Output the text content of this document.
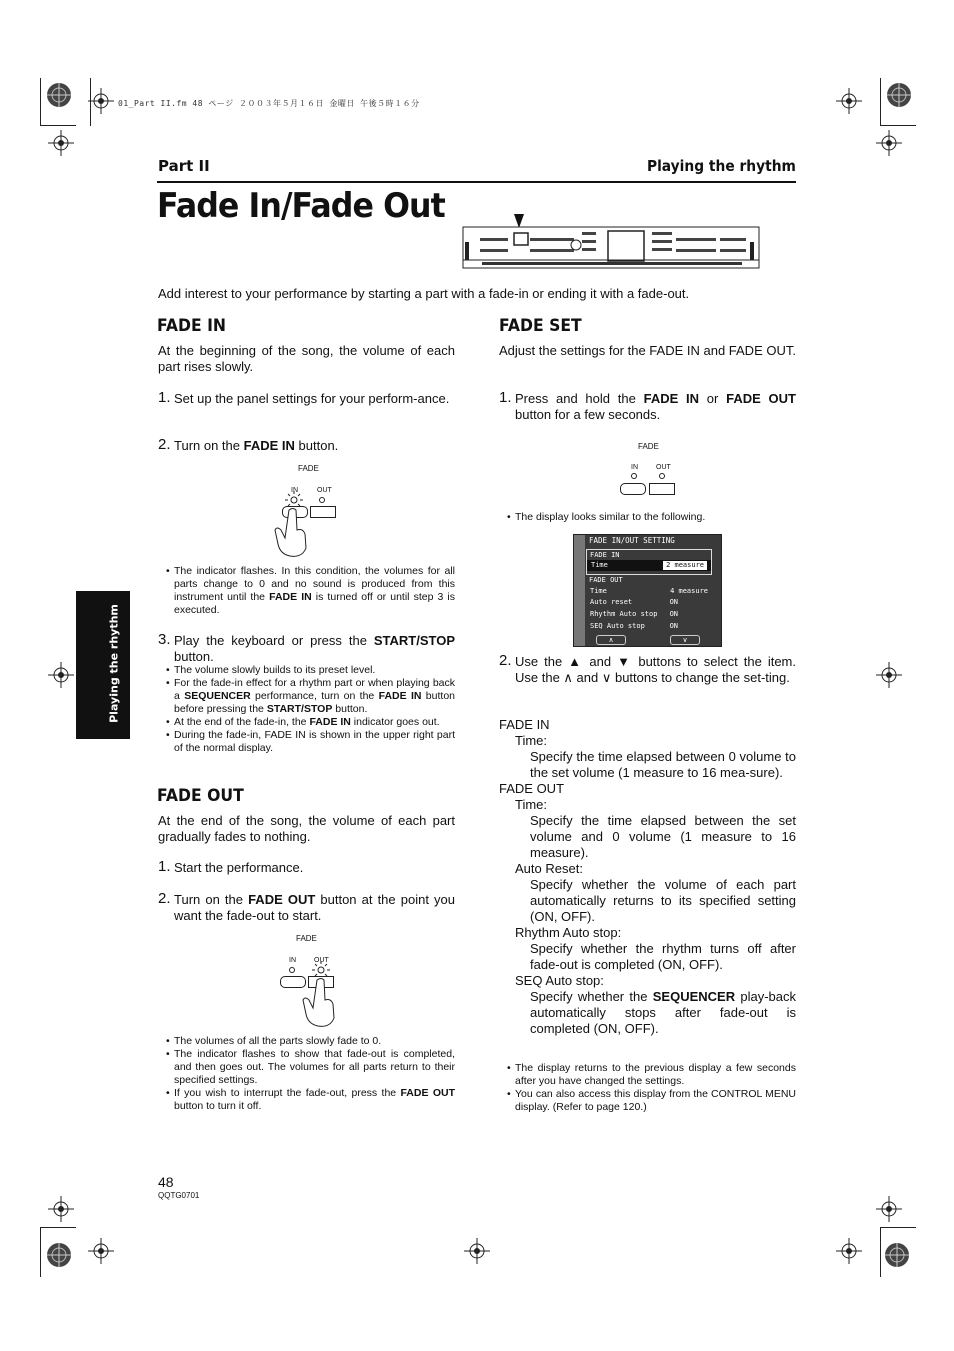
01_Part II.fm 48 ページ ２００３年５月１６日 金曜日 午後５時１６分
Part II	Playing the rhythm
Fade In/Fade Out
Add interest to your performance by starting a part with a fade-in or ending it with a fade-out.
Playing the rhythm
FADE IN
At the beginning of the song, the volume of each part rises slowly.
1. Set up the panel settings for your perform-ance.
2. Turn on the FADE IN button.
FADE
IN	OUT
• The indicator flashes. In this condition, the volumes for all parts change to 0 and no sound is produced from this instrument until the FADE IN is turned off or until step 3 is executed.
3. Play the keyboard or press the START/STOP button.
• The volume slowly builds to its preset level.
• For the fade-in effect for a rhythm part or when playing back a SEQUENCER performance, turn on the FADE IN button before pressing the START/STOP button.
• At the end of the fade-in, the FADE IN indicator goes out.
• During the fade-in, FADE IN is shown in the upper right part of the normal display.
FADE OUT
At the end of the song, the volume of each part gradually fades to nothing.
1. Start the performance.
2. Turn on the FADE OUT button at the point you want the fade-out to start.
FADE
IN	OUT
• The volumes of all the parts slowly fade to 0.
• The indicator flashes to show that fade-out is completed, and then goes out. The volumes for all parts return to their specified settings.
• If you wish to interrupt the fade-out, press the FADE OUT button to turn it off.
FADE SET
Adjust the settings for the FADE IN and FADE OUT.
1. Press and hold the FADE IN or FADE OUT button for a few seconds.
FADE
IN	OUT
• The display looks similar to the following.
FADE IN/OUT SETTING
FADE IN
Time	2 measure
FADE OUT
Time	4 measure
Auto reset	ON
Rhythm Auto stop ON
SEQ Auto stop	ON
∧	∨
2. Use the ▲ and ▼ buttons to select the item. Use the ∧ and ∨ buttons to change the set-ting.
FADE IN
Time:
Specify the time elapsed between 0 volume to the set volume (1 measure to 16 mea-sure).
FADE OUT
Time:
Specify the time elapsed between the set volume and 0 volume (1 measure to 16 measure).
Auto Reset:
Specify whether the volume of each part automatically returns to its specified setting (ON, OFF).
Rhythm Auto stop:
Specify whether the rhythm turns off after fade-out is completed (ON, OFF).
SEQ Auto stop:
Specify whether the SEQUENCER play-back automatically stops after fade-out is completed (ON, OFF).
• The display returns to the previous display a few seconds after you have changed the settings.
• You can also access this display from the CONTROL MENU display. (Refer to page 120.)
48
QQTG0701
